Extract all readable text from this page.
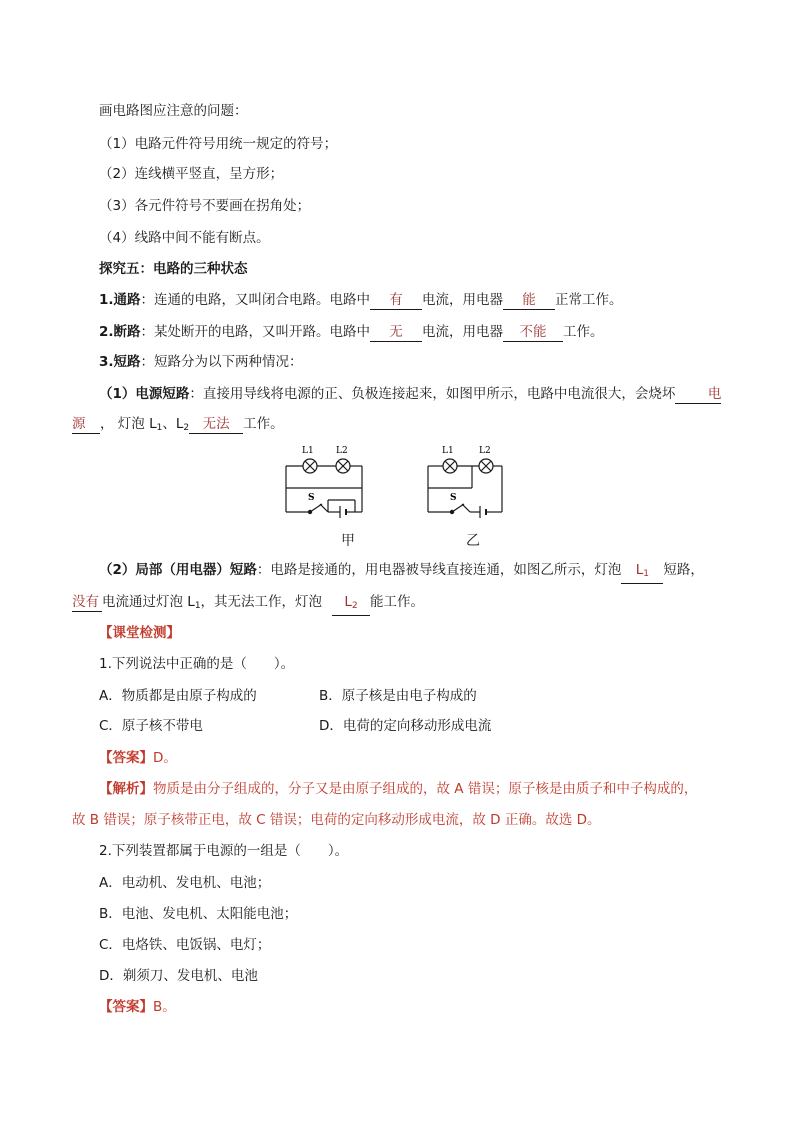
画电路图应注意的问题：
（1）电路元件符号用统一规定的符号；
（2）连线横平竖直，呈方形；
（3）各元件符号不要画在拐角处；
（4）线路中间不能有断点。
探究五：电路的三种状态
1.通路：连通的电路，又叫闭合电路。电路中 有 电流，用电器 能 正常工作。
2.断路：某处断开的电路，又叫开路。电路中 无 电流，用电器 不能 工作。
3.短路：短路分为以下两种情况：
（1）电源短路：直接用导线将电源的正、负极连接起来，如图甲所示，电路中电流很大，会烧坏 电
源 ， 灯泡 $L_1$、$L_2$ 无法 工作。
L1 L2
S
甲
L1	L2
S
乙
（2）局部（用电器）短路：电路是接通的，用电器被导线直接连通，如图乙所示，灯泡 $L_1$ 短路，
没有 电流通过灯泡 $L_1$，其无法工作，灯泡 $L_2$ 能工作。
【课堂检测】
1.下列说法中正确的是（　　）。
A．物质都是由原子构成的	B．原子核是由电子构成的
C．原子核不带电	D．电荷的定向移动形成电流
【答案】D。
【解析】物质是由分子组成的，分子又是由原子组成的，故 A 错误；原子核是由质子和中子构成的，
故 B 错误；原子核带正电，故 C 错误；电荷的定向移动形成电流，故 D 正确。故选 D。
2.下列装置都属于电源的一组是（　　）。
A．电动机、发电机、电池；
B．电池、发电机、太阳能电池；
C．电烙铁、电饭锅、电灯；
D．剃须刀、发电机、电池
【答案】B。
